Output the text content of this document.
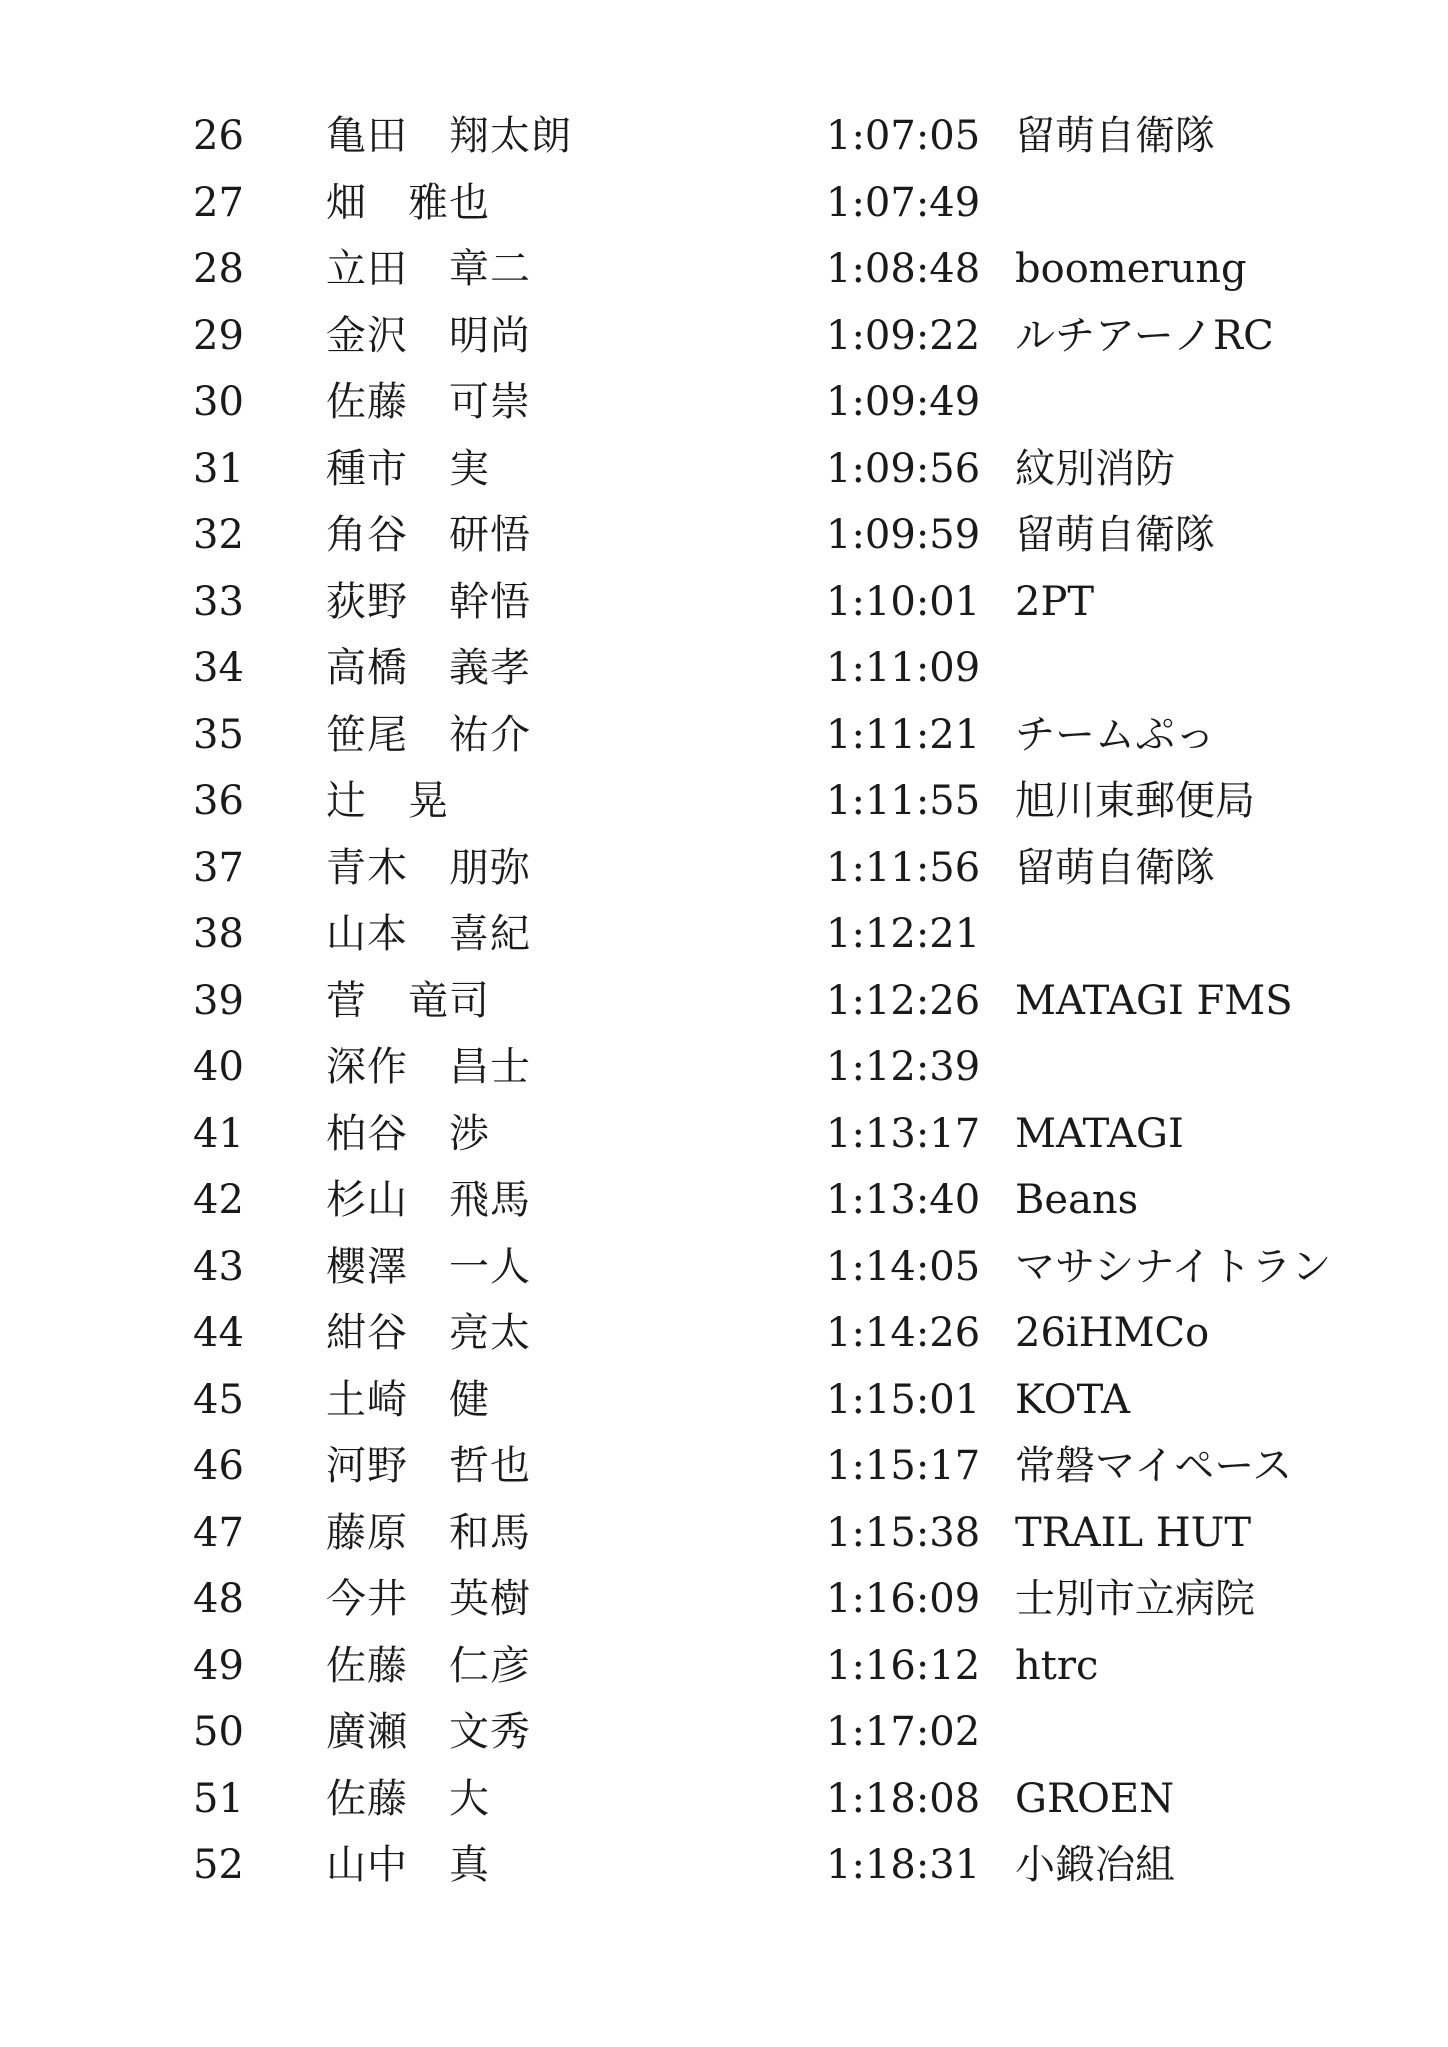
26 亀田　翔太朗	1:07:05 留萌自衛隊
27 畑　雅也	1:07:49
28 立田　章二	1:08:48 boomerung
29 金沢　明尚	1:09:22 ルチアーノRC
30 佐藤　可崇	1:09:49
31 種市　実	1:09:56 紋別消防
32 角谷　研悟	1:09:59 留萌自衛隊
33 荻野　幹悟	1:10:01 2PT
34 高橋　義孝	1:11:09
35 笹尾　祐介	1:11:21 チームぷっ
36 辻　晃	1:11:55 旭川東郵便局
37 青木　朋弥	1:11:56 留萌自衛隊
38 山本　喜紀	1:12:21
39 菅　竜司	1:12:26 MATAGI FMS
40 深作　昌士	1:12:39
41 柏谷　渉	1:13:17 MATAGI
42 杉山　飛馬	1:13:40 Beans
43 櫻澤　一人	1:14:05 マサシナイトラン
44 紺谷　亮太	1:14:26 26iHMCo
45 土崎　健	1:15:01 KOTA
46 河野　哲也	1:15:17 常磐マイペース
47 藤原　和馬	1:15:38 TRAIL HUT
48 今井　英樹	1:16:09 士別市立病院
49 佐藤　仁彦	1:16:12 htrc
50 廣瀬　文秀	1:17:02
51 佐藤　大	1:18:08 GROEN
52 山中　真	1:18:31 小鍛冶組
